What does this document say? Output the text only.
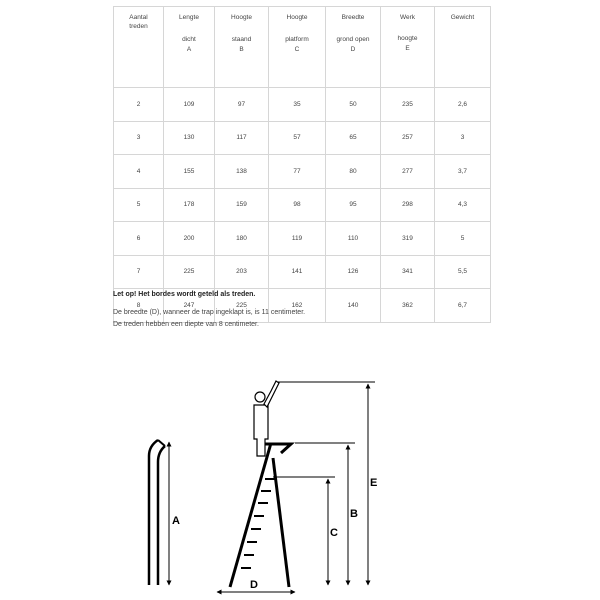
Aantal
treden	Lengte
dicht
A	Hoogte
staand
B	Hoogte
platform
C	Breedte
grond open
D	Werk
hoogte
E	Gewicht

2	109	97	35	50	235	2,6
3	130	117	57	65	257	3
4	155	138	77	80	277	3,7
5	178	159	98	95	298	4,3
6	200	180	119	110	319	5
7	225	203	141	126	341	5,5
8	247	225	162	140	362	6,7

Let op! Het bordes wordt geteld als treden.

De breedte (D), wanneer de trap ingeklapt is, is 11 centimeter.

De treden hebben een diepte van 8 centimeter.

A
C
B
E
D
